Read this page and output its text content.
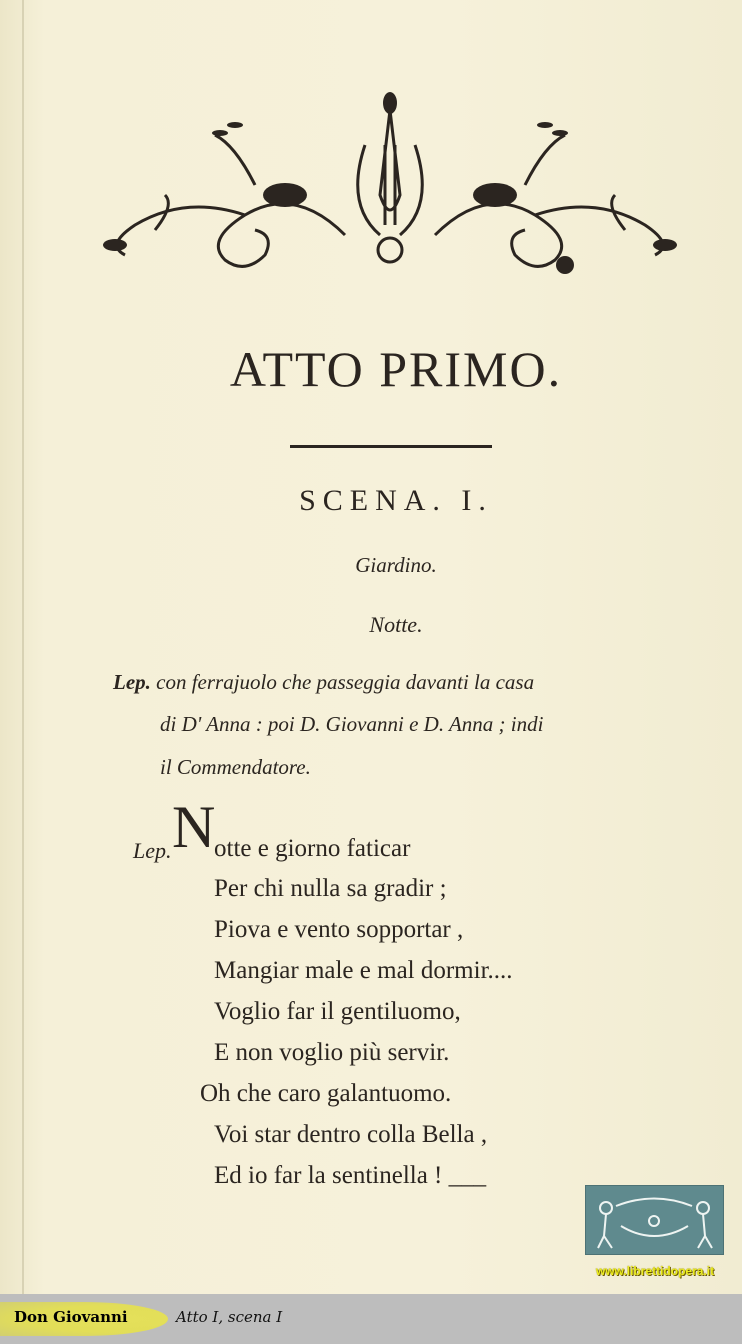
ATTO PRIMO.
SCENA. I.
Giardino.
Notte.
Lep. con ferrajuolo che passeggia davanti la casa
di D' Anna : poi D. Giovanni e D. Anna ; indi
il Commendatore.
Lep. N
otte e giorno faticar
Per chi nulla sa gradir ;
Piova e vento sopportar ,
Mangiar male e mal dormir....
Voglio far il gentiluomo,
E non voglio più servir.
Oh che caro galantuomo.
Voi star dentro colla Bella ,
Ed io far la sentinella ! ___
www.librettidopera.it
Don Giovanni	Atto I, scena I
